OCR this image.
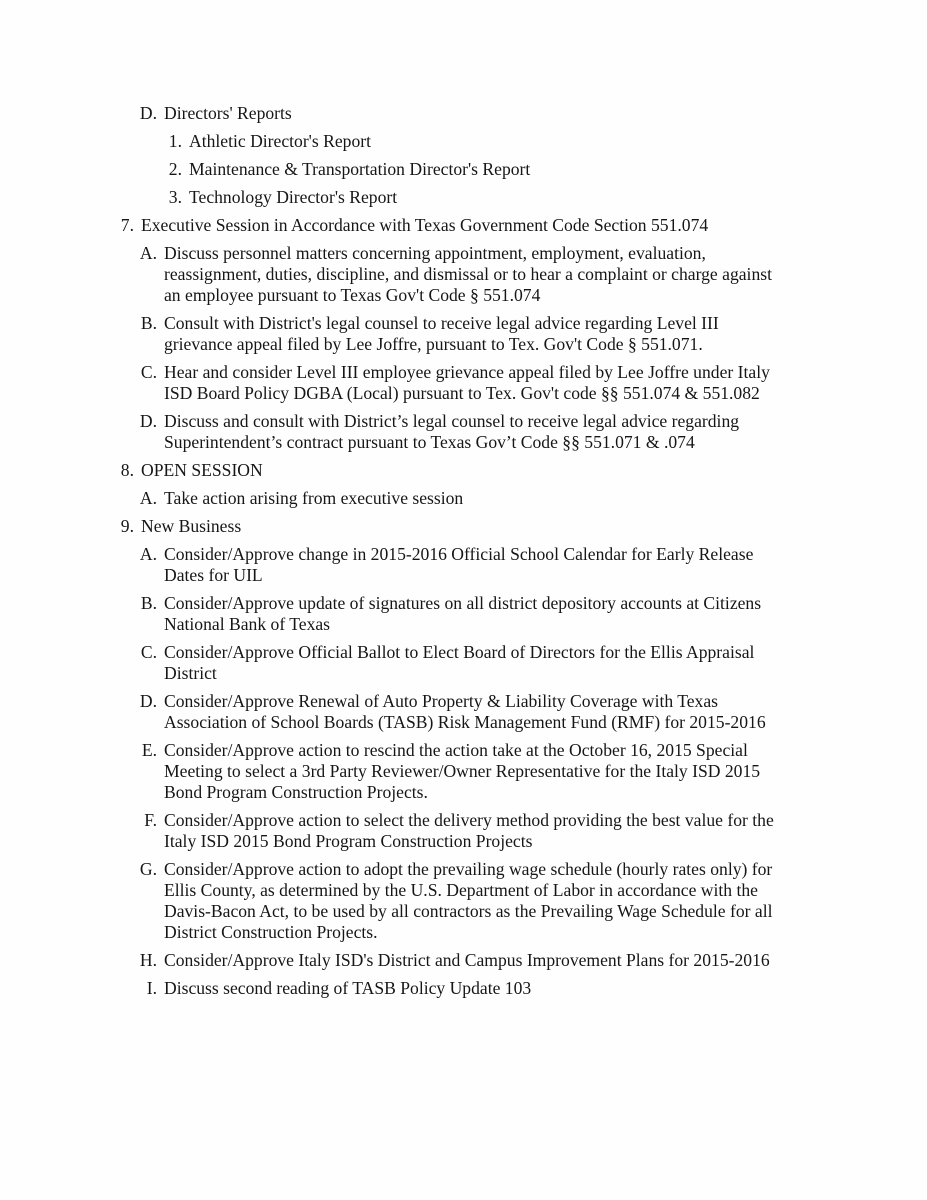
D. Directors' Reports
1. Athletic Director's Report
2. Maintenance & Transportation Director's Report
3. Technology Director's Report
7. Executive Session in Accordance with Texas Government Code Section 551.074
A. Discuss personnel matters concerning appointment, employment, evaluation, reassignment, duties, discipline, and dismissal or to hear a complaint or charge against an employee pursuant to Texas Gov't Code § 551.074
B. Consult with District's legal counsel to receive legal advice regarding Level III grievance appeal filed by Lee Joffre, pursuant to Tex. Gov't Code § 551.071.
C. Hear and consider Level III employee grievance appeal filed by Lee Joffre under Italy ISD Board Policy DGBA (Local) pursuant to Tex. Gov't code §§ 551.074 & 551.082
D. Discuss and consult with District’s legal counsel to receive legal advice regarding Superintendent’s contract pursuant to Texas Gov’t Code §§ 551.071 & .074
8. OPEN SESSION
A. Take action arising from executive session
9. New Business
A. Consider/Approve change in 2015-2016 Official School Calendar for Early Release Dates for UIL
B. Consider/Approve update of signatures on all district depository accounts at Citizens National Bank of Texas
C. Consider/Approve Official Ballot to Elect Board of Directors for the Ellis Appraisal District
D. Consider/Approve Renewal of Auto Property & Liability Coverage with Texas Association of School Boards (TASB) Risk Management Fund (RMF) for 2015-2016
E. Consider/Approve action to rescind the action take at the October 16, 2015 Special Meeting to select a 3rd Party Reviewer/Owner Representative for the Italy ISD 2015 Bond Program Construction Projects.
F. Consider/Approve action to select the delivery method providing the best value for the Italy ISD 2015 Bond Program Construction Projects
G. Consider/Approve action to adopt the prevailing wage schedule (hourly rates only) for Ellis County, as determined by the U.S. Department of Labor in accordance with the Davis-Bacon Act, to be used by all contractors as the Prevailing Wage Schedule for all District Construction Projects.
H. Consider/Approve Italy ISD's District and Campus Improvement Plans for 2015-2016
I. Discuss second reading of TASB Policy Update 103
